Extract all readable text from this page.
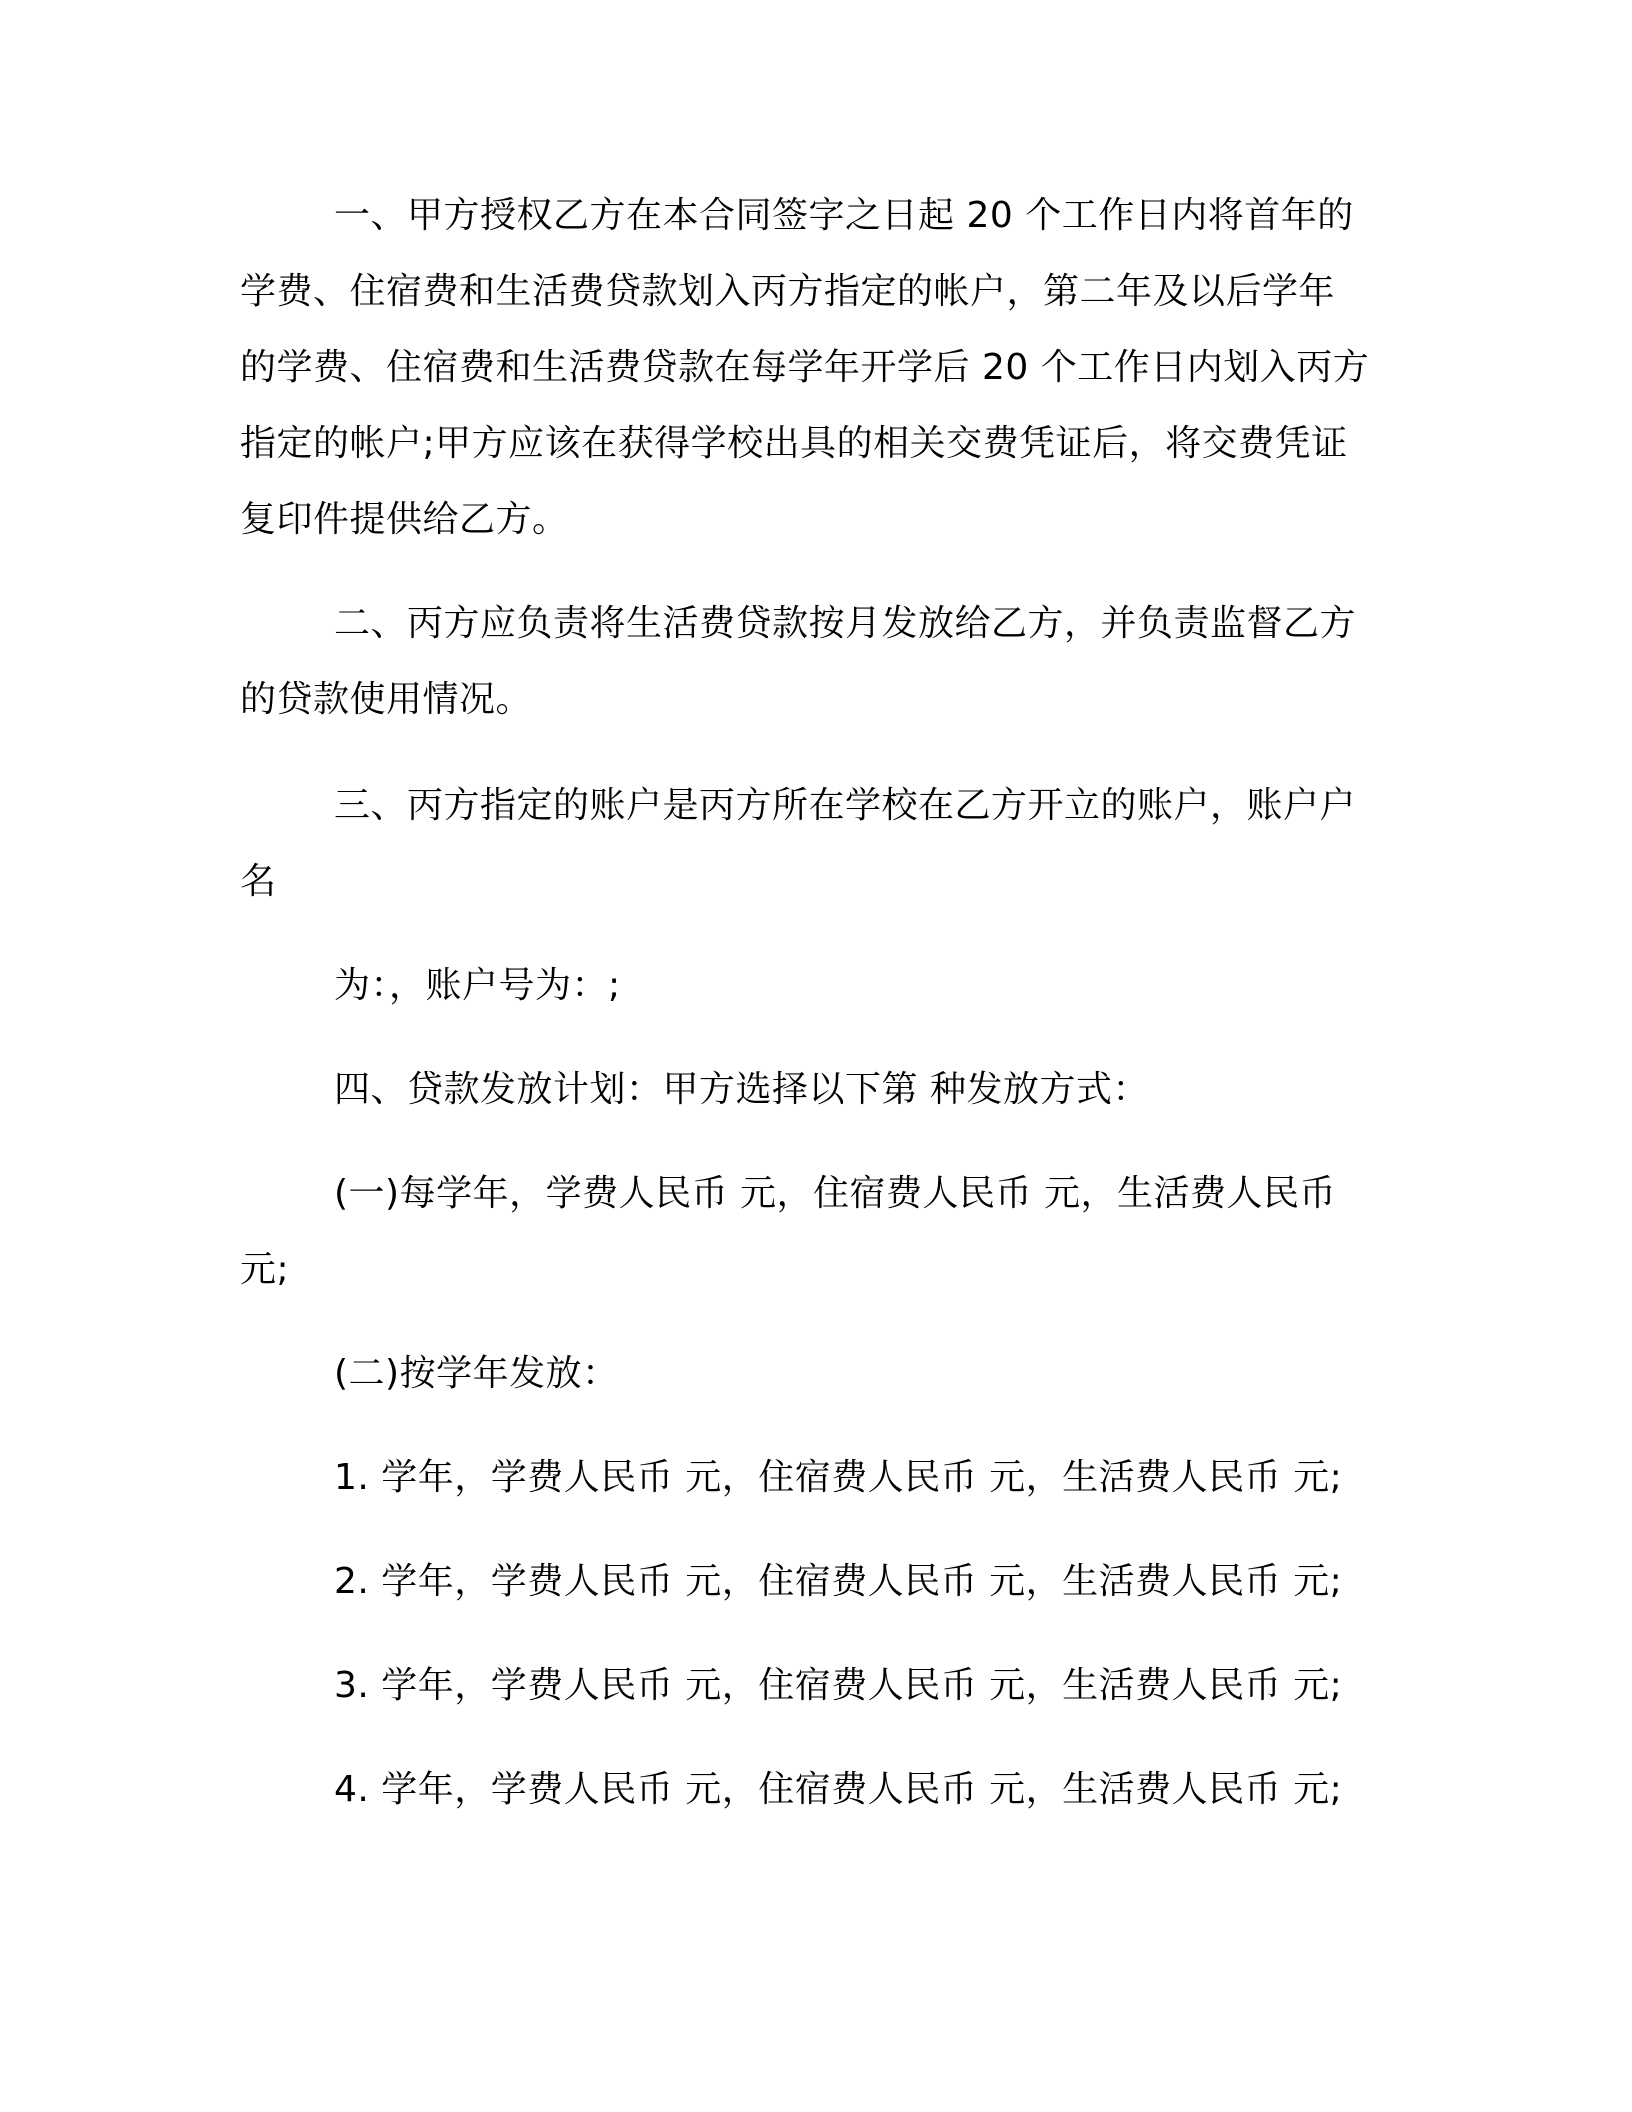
一、甲方授权乙方在本合同签字之日起 20 个工作日内将首年的
学费、住宿费和生活费贷款划入丙方指定的帐户，第二年及以后学年
的学费、住宿费和生活费贷款在每学年开学后 20 个工作日内划入丙方
指定的帐户;甲方应该在获得学校出具的相关交费凭证后，将交费凭证
复印件提供给乙方。
二、丙方应负责将生活费贷款按月发放给乙方，并负责监督乙方
的贷款使用情况。
三、丙方指定的账户是丙方所在学校在乙方开立的账户，账户户
名
为：，账户号为：;
四、贷款发放计划：甲方选择以下第 种发放方式：
(一)每学年，学费人民币 元，住宿费人民币 元，生活费人民币
元;
(二)按学年发放：
1. 学年，学费人民币 元，住宿费人民币 元，生活费人民币 元;
2. 学年，学费人民币 元，住宿费人民币 元，生活费人民币 元;
3. 学年，学费人民币 元，住宿费人民币 元，生活费人民币 元;
4. 学年，学费人民币 元，住宿费人民币 元，生活费人民币 元;
